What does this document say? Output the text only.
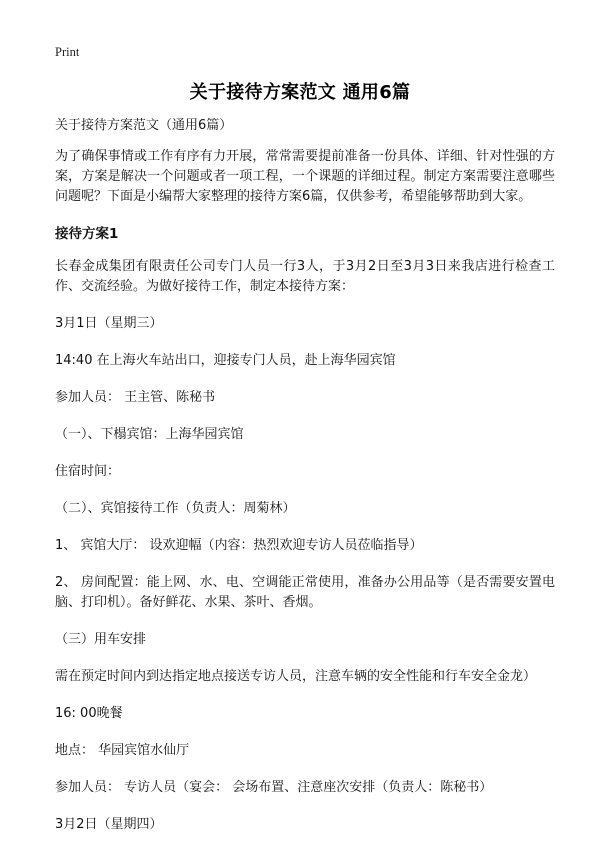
Print
关于接待方案范文 通用6篇

关于接待方案范文（通用6篇）

为了确保事情或工作有序有力开展，常常需要提前准备一份具体、详细、针对性强的方案，方案是解决一个问题或者一项工程，一个课题的详细过程。制定方案需要注意哪些问题呢？下面是小编帮大家整理的接待方案6篇，仅供参考，希望能够帮助到大家。

接待方案1

长春金成集团有限责任公司专门人员一行3人，于3月2日至3月3日来我店进行检查工作、交流经验。为做好接待工作，制定本接待方案：

3月1日（星期三）

14:40 在上海火车站出口，迎接专门人员，赴上海华园宾馆

参加人员： 王主管、陈秘书

（一）、下榻宾馆：上海华园宾馆

住宿时间：

（二）、宾馆接待工作（负责人：周菊林）

1、 宾馆大厅： 设欢迎幅（内容：热烈欢迎专访人员莅临指导）

2、 房间配置：能上网、水、电、空调能正常使用，准备办公用品等（是否需要安置电脑、打印机）。备好鲜花、水果、茶叶、香烟。

（三）用车安排

需在预定时间内到达指定地点接送专访人员，注意车辆的安全性能和行车安全金龙）

16: 00晚餐

地点： 华园宾馆水仙厅

参加人员： 专访人员（宴会： 会场布置、注意座次安排（负责人：陈秘书）

3月2日（星期四）
